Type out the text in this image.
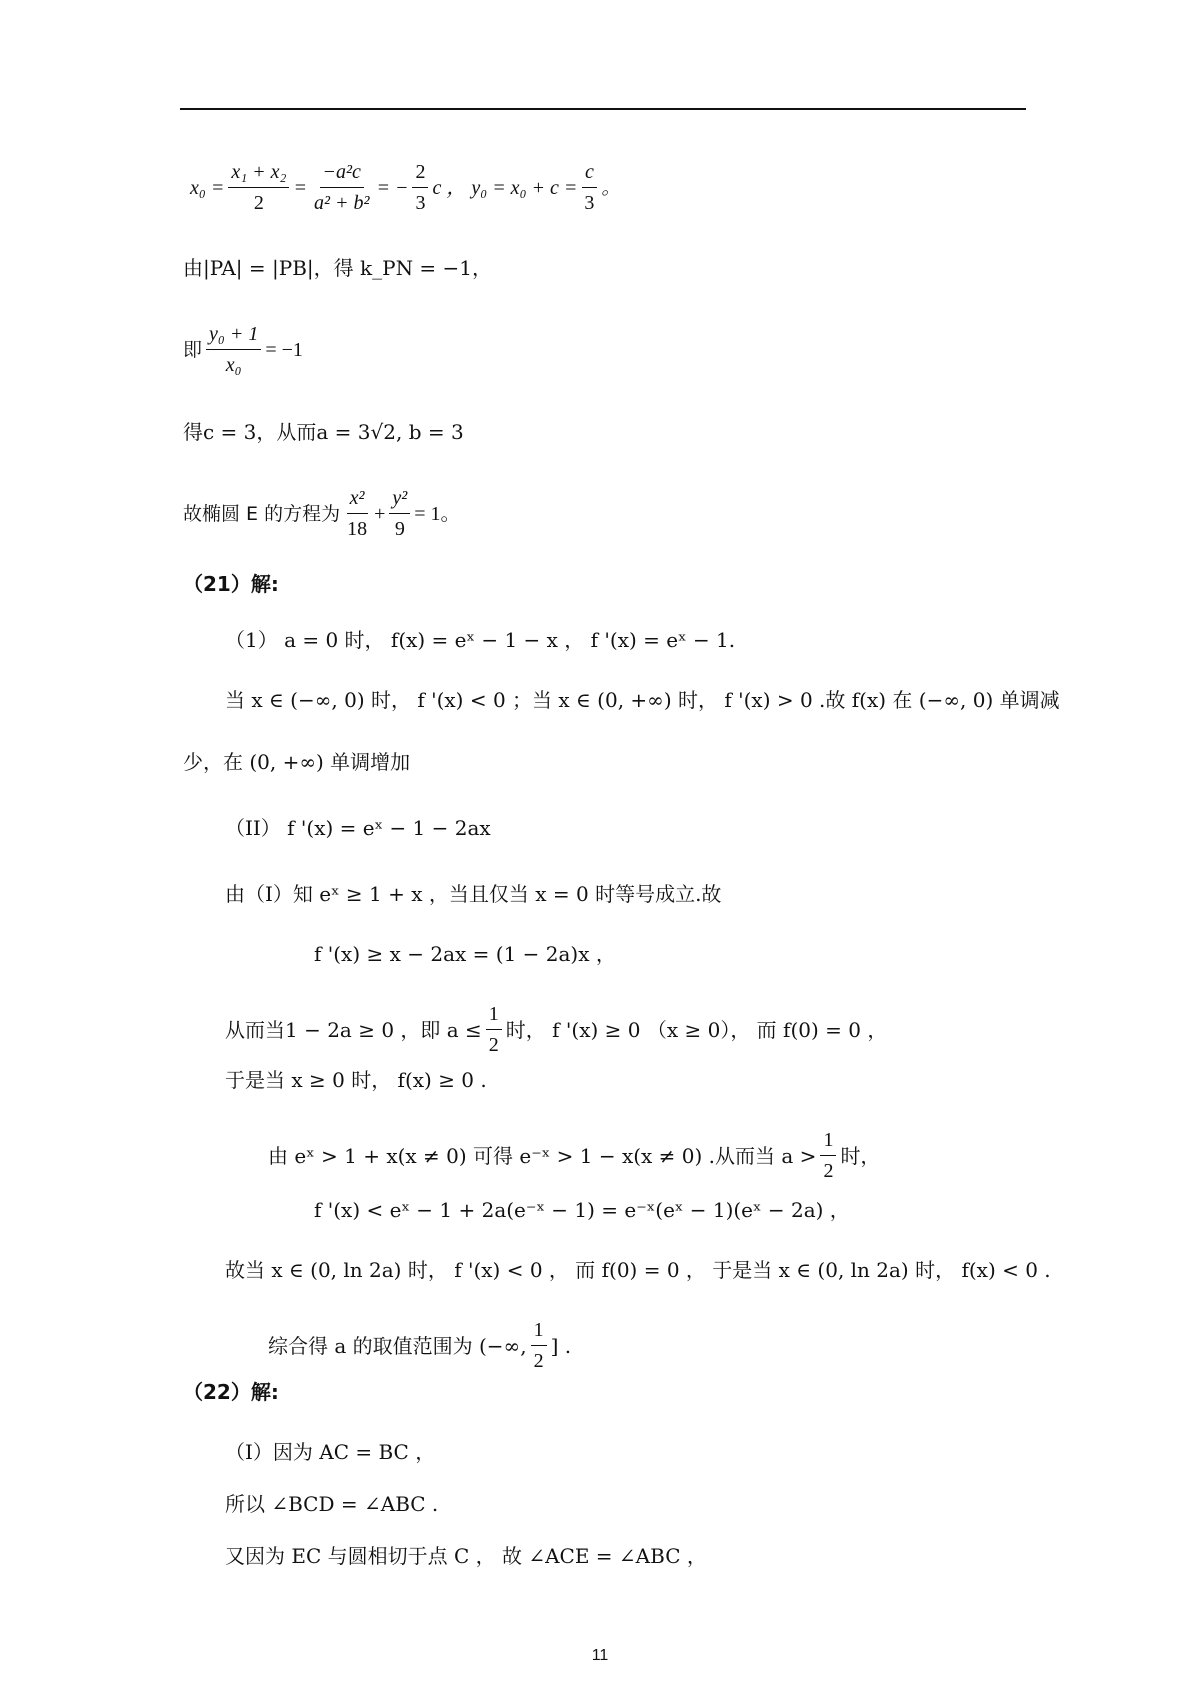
$x_0 = \frac{\text{x₁ + x₂}}{2} = \frac{\text{−a²c}}{\text{a² + b²}}$ = − $\frac{2}{3}$ c ， $y_0 = x_0 + c = \frac{c}{3}$ 。
由|PA| = |PB|，得 k_PN = −1，
即 $\frac{\text{y₀ + 1}}{\text{x₀}} = -1$
得c = 3，从而a = 3√2, b = 3
故椭圆 E 的方程为 $\frac{\text{x²}}{18} + \frac{\text{y²}}{9} = 1$。
（21）解:
（1） a = 0 时， f(x) = eˣ − 1 − x ， f '(x) = eˣ − 1.
当 x ∈ (−∞, 0) 时， f '(x) < 0 ；当 x ∈ (0, +∞) 时， f '(x) > 0 .故 f(x) 在 (−∞, 0) 单调减
少，在 (0, +∞) 单调增加
（II） f '(x) = eˣ − 1 − 2ax
由（I）知 eˣ ≥ 1 + x ，当且仅当 x = 0 时等号成立.故
f '(x) ≥ x − 2ax = (1 − 2a)x ，
从而当1 − 2a ≥ 0 ，即 $a \le \frac{1}{2}$ 时， f '(x) ≥ 0 （x ≥ 0）， 而 f(0) = 0 ，
于是当 x ≥ 0 时， f(x) ≥ 0 .
由 eˣ > 1 + x(x ≠ 0) 可得 e⁻ˣ > 1 − x(x ≠ 0) .从而当 $a > \frac{1}{2}$ 时，
f '(x) < eˣ − 1 + 2a(e⁻ˣ − 1) = e⁻ˣ(eˣ − 1)(eˣ − 2a) ，
故当 x ∈ (0, ln 2a) 时， f '(x) < 0 ， 而 f(0) = 0 ， 于是当 x ∈ (0, ln 2a) 时， f(x) < 0 .
综合得 a 的取值范围为 (−∞, $\frac{1}{2}$ ] .
（22）解:
（I）因为 AC = BC ，
所以 ∠BCD = ∠ABC .
又因为 EC 与圆相切于点 C ， 故 ∠ACE = ∠ABC ，
11
